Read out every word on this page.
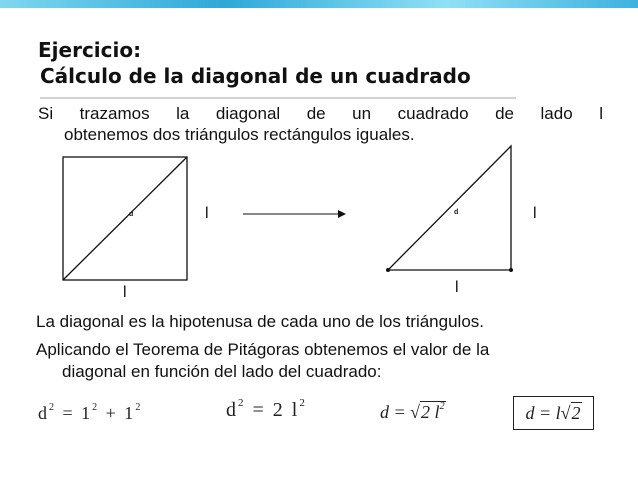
Ejercicio:
Cálculo de la diagonal de un cuadrado
Si trazamos la diagonal de un cuadrado de lado l
obtenemos dos triángulos rectángulos iguales.
d	l
l
d	l
l
La diagonal es la hipotenusa de cada uno de los triángulos.
Aplicando el Teorema de Pitágoras obtenemos el valor de la
diagonal en función del lado del cuadrado:
$d^2 = 1^2 + 1^2$	$d^2 = 2$ $l^2$	d = √2 $l^2$	d = l√2
